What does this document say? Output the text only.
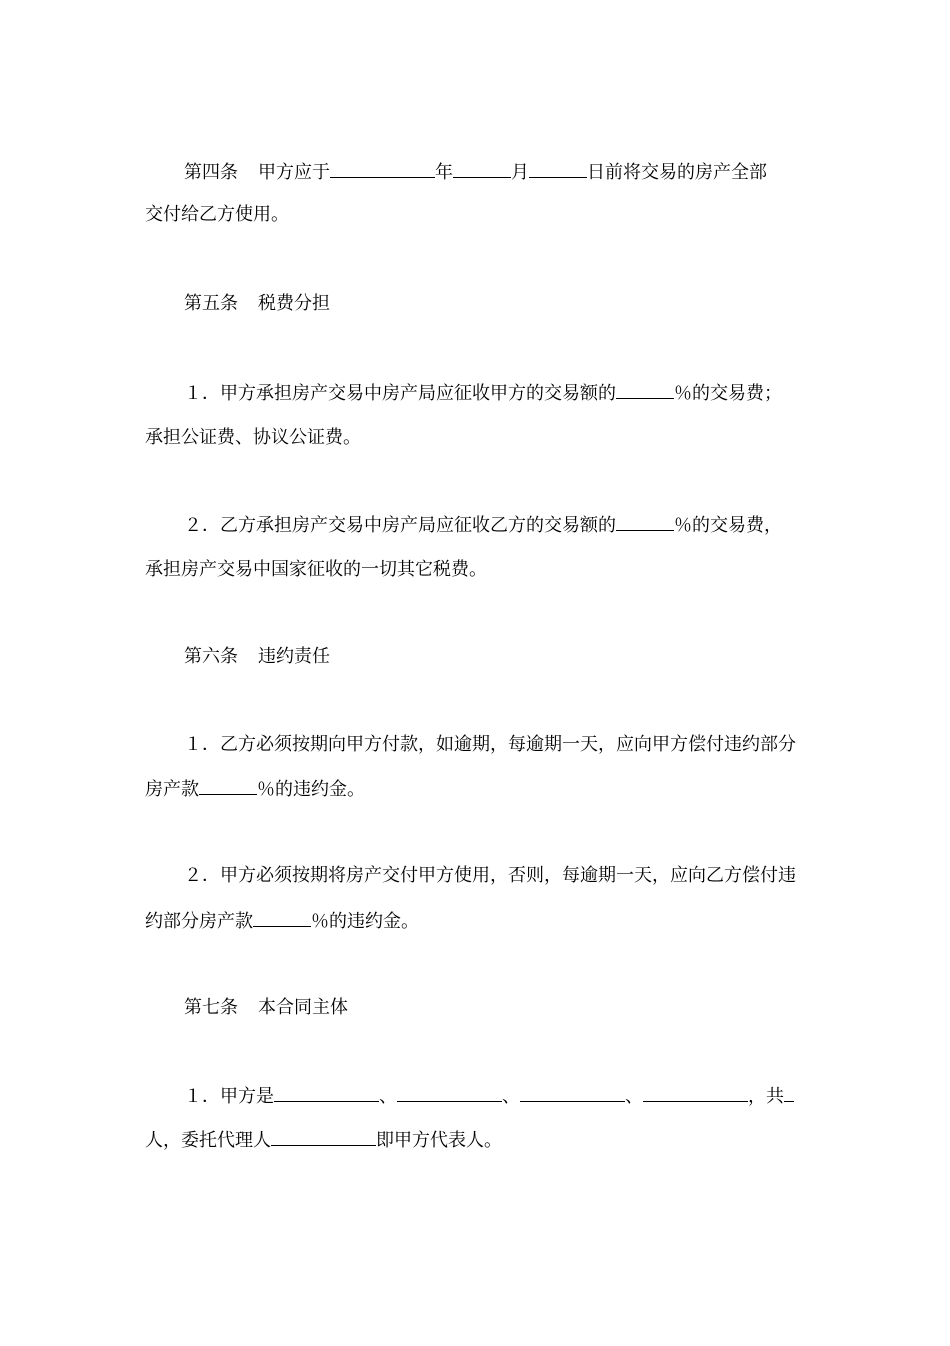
第四条 甲方应于	年	月	日前将交易的房产全部
交付给乙方使用。
第五条 税费分担
１．甲方承担房产交易中房产局应征收甲方的交易额的	％的交易费；
承担公证费、协议公证费。
２．乙方承担房产交易中房产局应征收乙方的交易额的	％的交易费，
承担房产交易中国家征收的一切其它税费。
第六条 违约责任
１．乙方必须按期向甲方付款，如逾期，每逾期一天，应向甲方偿付违约部分
房产款	％的违约金。
２．甲方必须按期将房产交付甲方使用，否则，每逾期一天，应向乙方偿付违
约部分房产款	％的违约金。
第七条 本合同主体
１．甲方是	、	、	、	，共
人，委托代理人	即甲方代表人。
